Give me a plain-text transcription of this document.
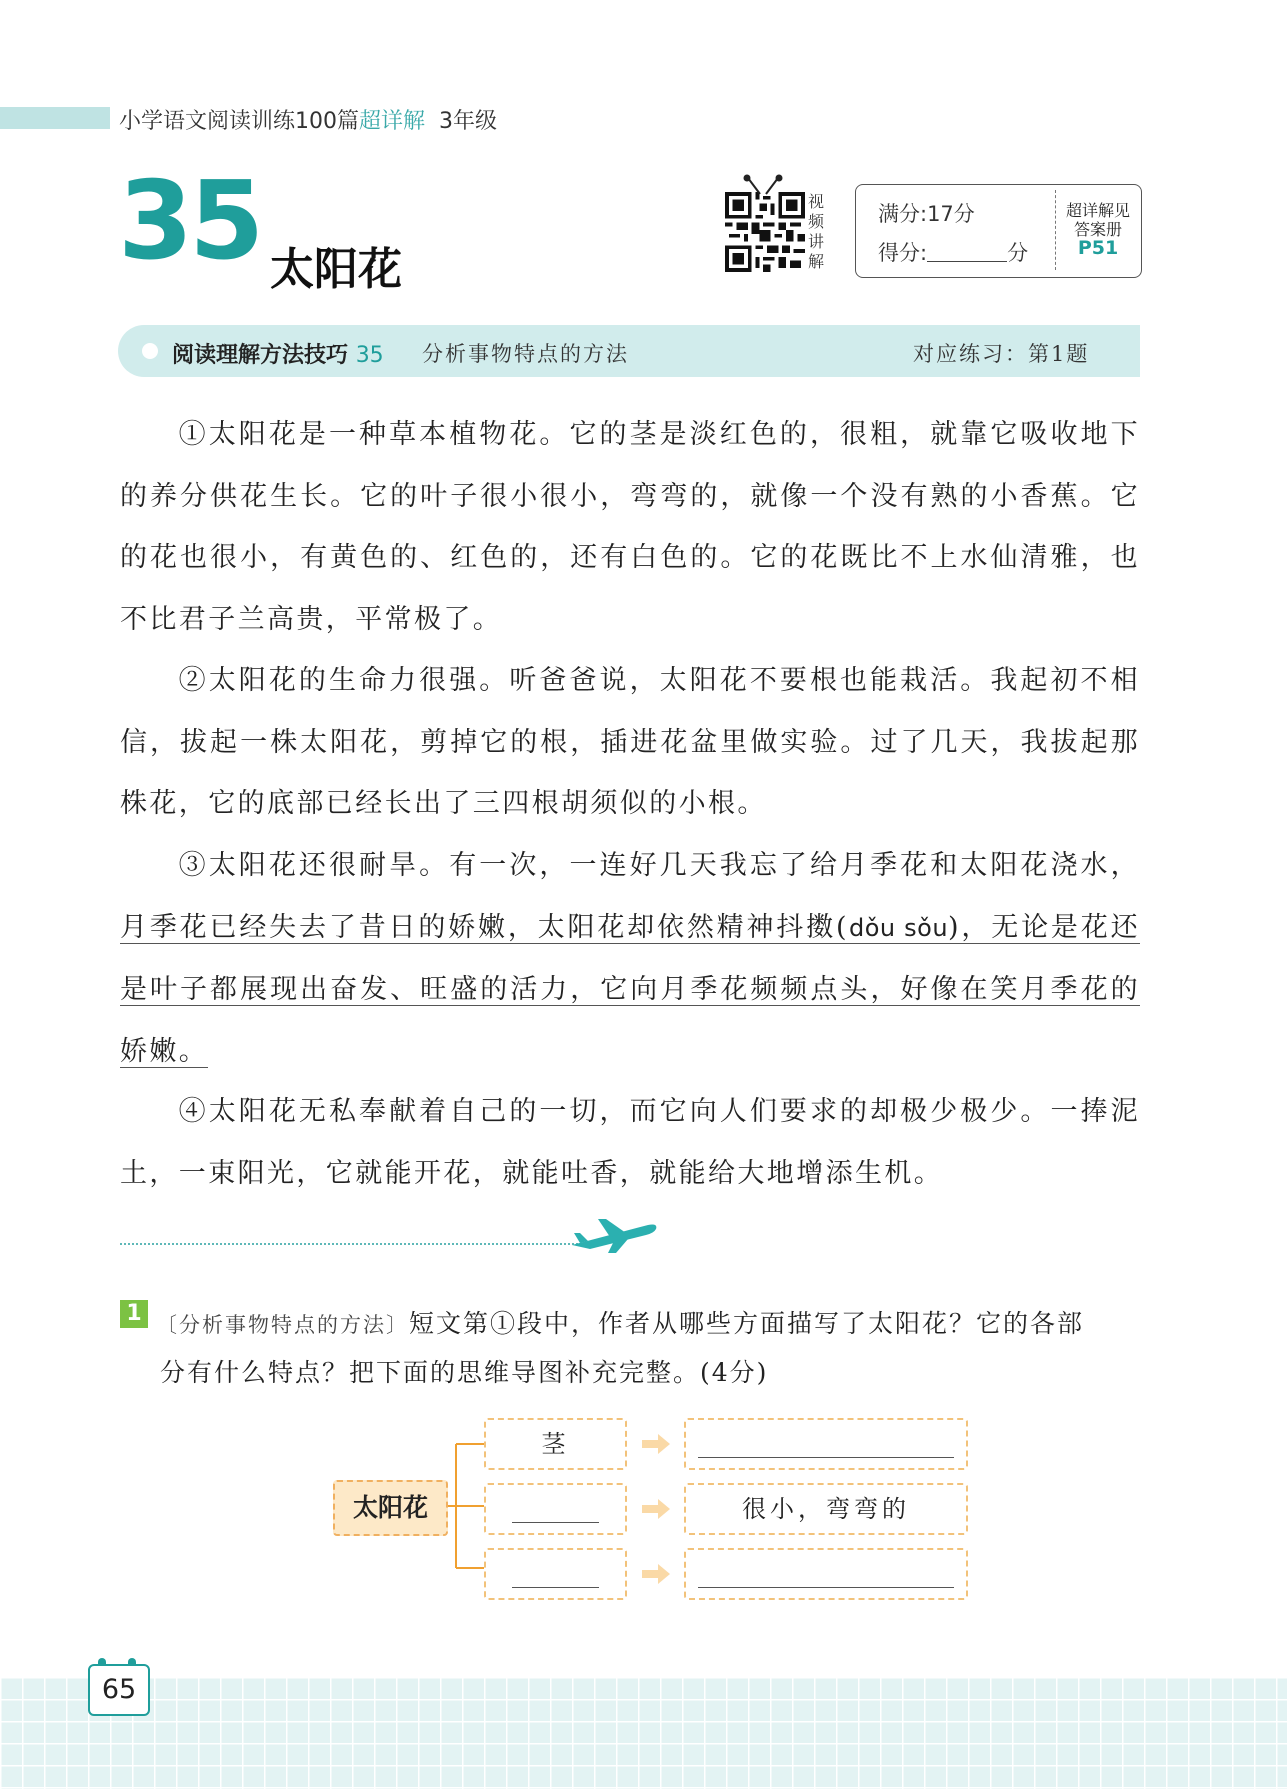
小学语文阅读训练100篇超详解 3年级
35 太阳花
视
频
讲
解
满分:17分
得分:	分
超详解见
答案册
P51
阅读理解方法技巧 35 分析事物特点的方法	对应练习：第1题
①太阳花是一种草本植物花。它的茎是淡红色的，很粗，就靠它吸收地下的养分供花生长。它的叶子很小很小，弯弯的，就像一个没有熟的小香蕉。它的花也很小，有黄色的、红色的，还有白色的。它的花既比不上水仙清雅，也不比君子兰高贵，平常极了。
②太阳花的生命力很强。听爸爸说，太阳花不要根也能栽活。我起初不相信，拔起一株太阳花，剪掉它的根，插进花盆里做实验。过了几天，我拔起那株花，它的底部已经长出了三四根胡须似的小根。
③太阳花还很耐旱。有一次，一连好几天我忘了给月季花和太阳花浇水，月季花已经失去了昔日的娇嫩，太阳花却依然精神抖擞(dǒu sǒu)，无论是花还是叶子都展现出奋发、旺盛的活力，它向月季花频频点头，好像在笑月季花的娇嫩。
④太阳花无私奉献着自己的一切，而它向人们要求的却极少极少。一捧泥土，一束阳光，它就能开花，就能吐香，就能给大地增添生机。
1 〔分析事物特点的方法〕短文第①段中，作者从哪些方面描写了太阳花？它的各部
分有什么特点？把下面的思维导图补充完整。(4分)
太阳花
茎
很小，弯弯的
65
